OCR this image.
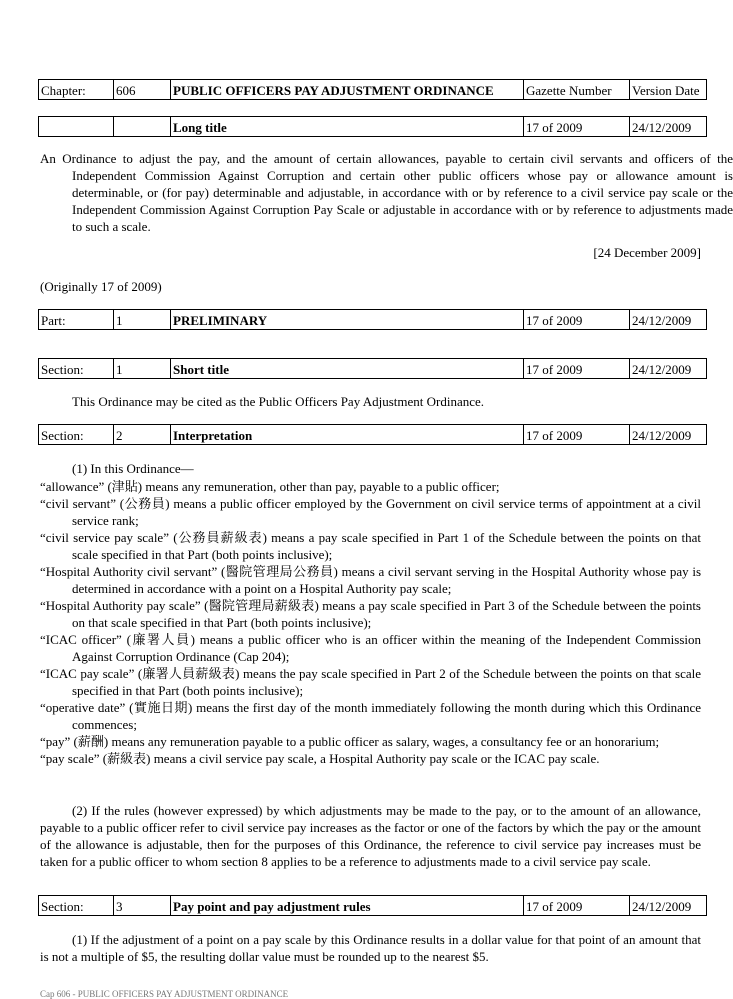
Chapter:	606	PUBLIC OFFICERS PAY ADJUSTMENT ORDINANCE	Gazette Number	Version Date
		Long title	17 of 2009	24/12/2009
An Ordinance to adjust the pay, and the amount of certain allowances, payable to certain civil servants and officers of the Independent Commission Against Corruption and certain other public officers whose pay or allowance amount is determinable, or (for pay) determinable and adjustable, in accordance with or by reference to a civil service pay scale or the Independent Commission Against Corruption Pay Scale or adjustable in accordance with or by reference to adjustments made to such a scale.
[24 December 2009]
(Originally 17 of 2009)
Part:	1	PRELIMINARY	17 of 2009	24/12/2009
Section:	1	Short title	17 of 2009	24/12/2009
This Ordinance may be cited as the Public Officers Pay Adjustment Ordinance.
Section:	2	Interpretation	17 of 2009	24/12/2009
(1) In this Ordinance—

“allowance” (津貼) means any remuneration, other than pay, payable to a public officer;

“civil servant” (公務員) means a public officer employed by the Government on civil service terms of appointment at a civil service rank;

“civil service pay scale” (公務員薪級表) means a pay scale specified in Part 1 of the Schedule between the points on that scale specified in that Part (both points inclusive);

“Hospital Authority civil servant” (醫院管理局公務員) means a civil servant serving in the Hospital Authority whose pay is determined in accordance with a point on a Hospital Authority pay scale;

“Hospital Authority pay scale” (醫院管理局薪級表) means a pay scale specified in Part 3 of the Schedule between the points on that scale specified in that Part (both points inclusive);

“ICAC officer” (廉署人員) means a public officer who is an officer within the meaning of the Independent Commission Against Corruption Ordinance (Cap 204);

“ICAC pay scale” (廉署人員薪級表) means the pay scale specified in Part 2 of the Schedule between the points on that scale specified in that Part (both points inclusive);

“operative date” (實施日期) means the first day of the month immediately following the month during which this Ordinance commences;

“pay” (薪酬) means any remuneration payable to a public officer as salary, wages, a consultancy fee or an honorarium;

“pay scale” (薪級表) means a civil service pay scale, a Hospital Authority pay scale or the ICAC pay scale.

(2) If the rules (however expressed) by which adjustments may be made to the pay, or to the amount of an allowance, payable to a public officer refer to civil service pay increases as the factor or one of the factors by which the pay or the amount of the allowance is adjustable, then for the purposes of this Ordinance, the reference to civil service pay increases must be taken for a public officer to whom section 8 applies to be a reference to adjustments made to a civil service pay scale.
Section:	3	Pay point and pay adjustment rules	17 of 2009	24/12/2009
(1) If the adjustment of a point on a pay scale by this Ordinance results in a dollar value for that point of an amount that is not a multiple of $5, the resulting dollar value must be rounded up to the nearest $5.
Cap 606 - PUBLIC OFFICERS PAY ADJUSTMENT ORDINANCE
